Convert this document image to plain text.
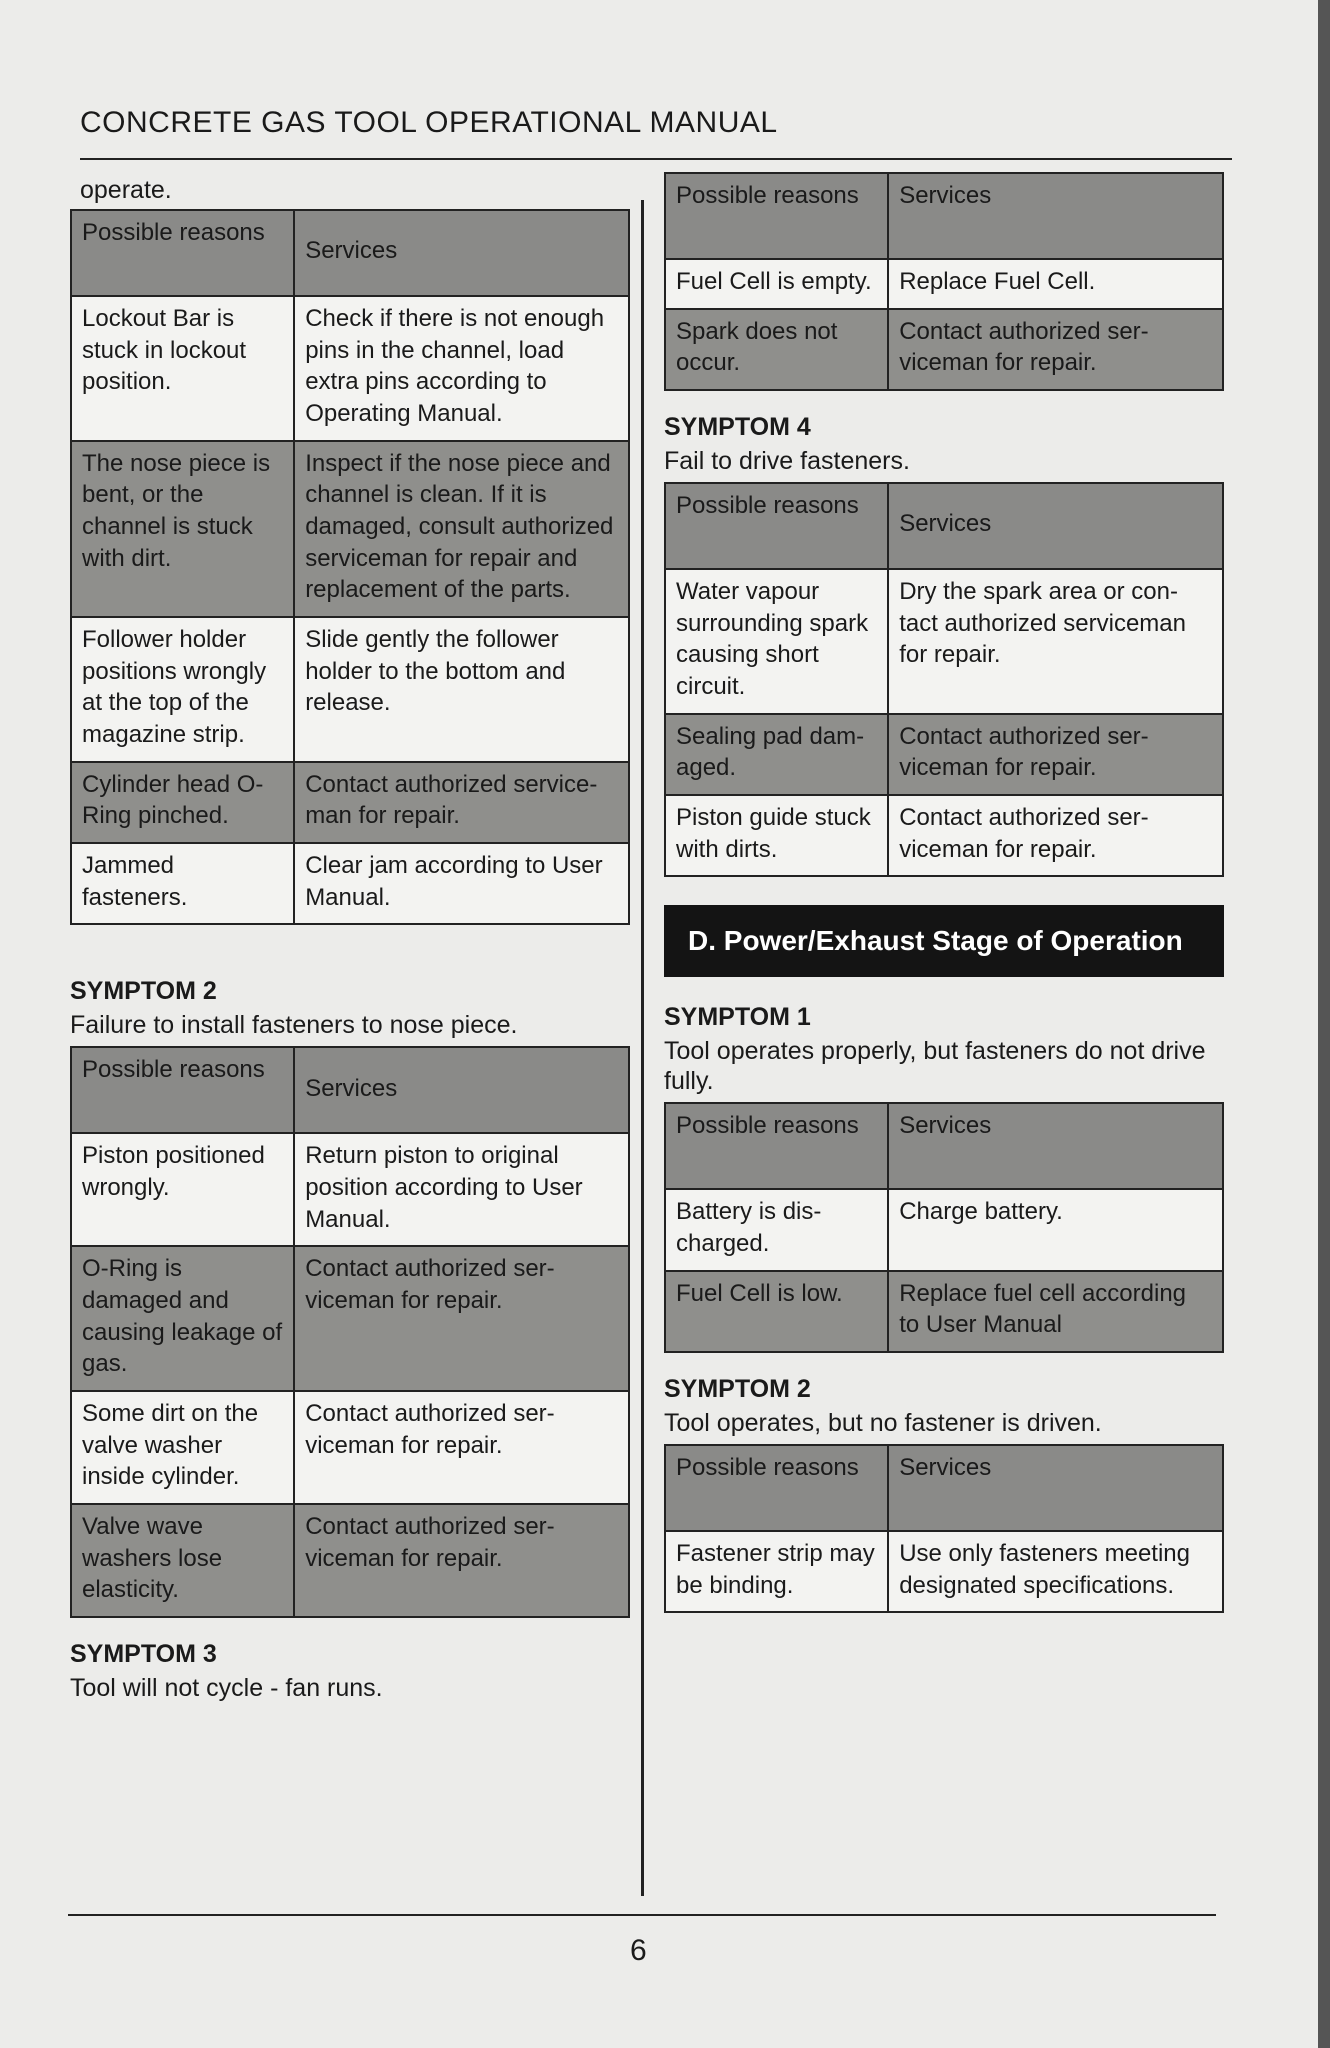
CONCRETE GAS TOOL OPERATIONAL MANUAL
operate.
Possible reasons	Services
Lockout Bar is stuck in lockout position.	Check if there is not enough pins in the channel, load extra pins according to Operating Manual.
The nose piece is bent, or the channel is stuck with dirt.	Inspect if the nose piece and channel is clean. If it is damaged, consult authorized serviceman for repair and replacement of the parts.
Follower holder positions wrongly at the top of the magazine strip.	Slide gently the follower holder to the bottom and release.
Cylinder head O-Ring pinched.	Contact authorized service-man for repair.
Jammed fasteners.	Clear jam according to User Manual.
SYMPTOM 2
Failure to install fasteners to nose piece.
Possible reasons	Services
Piston positioned wrongly.	Return piston to original position according to User Manual.
O-Ring is damaged and causing leakage of gas.	Contact authorized ser-viceman for repair.
Some dirt on the valve washer inside cylinder.	Contact authorized ser-viceman for repair.
Valve wave washers lose elasticity.	Contact authorized ser-viceman for repair.
SYMPTOM 3
Tool will not cycle - fan runs.
Possible reasons	Services
Fuel Cell is empty.	Replace Fuel Cell.
Spark does not occur.	Contact authorized ser-viceman for repair.
SYMPTOM 4
Fail to drive fasteners.
Possible reasons	Services
Water vapour surrounding spark causing short circuit.	Dry the spark area or con-tact authorized serviceman for repair.
Sealing pad dam-aged.	Contact authorized ser-viceman for repair.
Piston guide stuck with dirts.	Contact authorized ser-viceman for repair.
D. Power/Exhaust Stage of Operation
SYMPTOM 1
Tool operates properly, but fasteners do not drive fully.
Possible reasons	Services
Battery is dis-charged.	Charge battery.
Fuel Cell is low.	Replace fuel cell according to User Manual
SYMPTOM 2
Tool operates, but no fastener is driven.
Possible reasons	Services
Fastener strip may be binding.	Use only fasteners meeting designated specifications.
6
